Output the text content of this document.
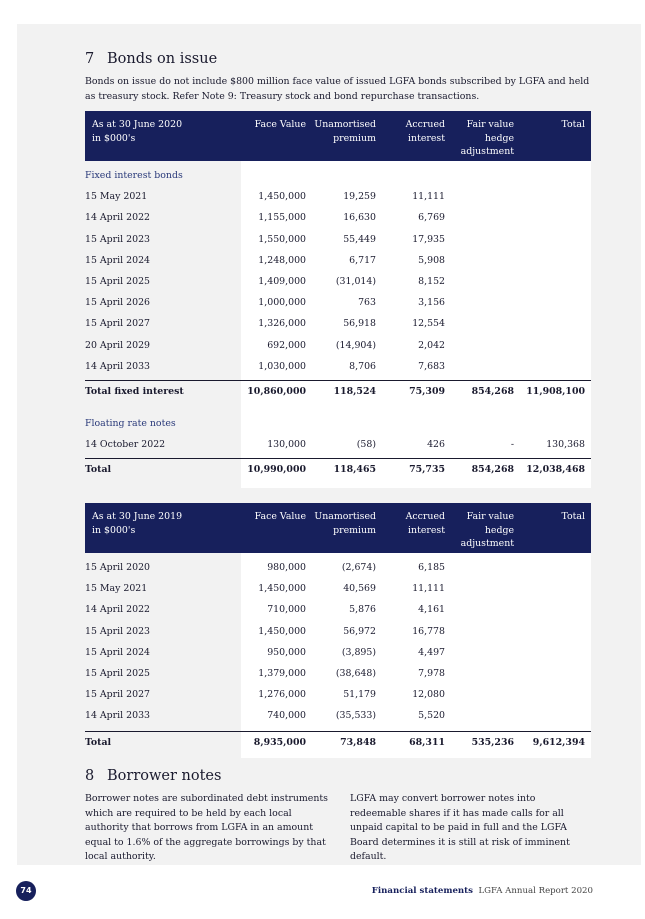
7 Bonds on issue
Bonds on issue do not include $800 million face value of issued LGFA bonds subscribed by LGFA and held as treasury stock. Refer Note 9: Treasury stock and bond repurchase transactions.
As at 30 June 2020
in $000's
Face Value Unamortised
premium
Accrued
interest
Fair value
hedge
adjustment
Total
Fixed interest bonds
15 May 2021	1,450,000	19,259	11,111
14 April 2022	1,155,000	16,630	6,769
15 April 2023	1,550,000	55,449	17,935
15 April 2024	1,248,000	6,717	5,908
15 April 2025	1,409,000	(31,014)	8,152
15 April 2026	1,000,000	763	3,156
15 April 2027	1,326,000	56,918	12,554
20 April 2029	692,000	(14,904)	2,042
14 April 2033	1,030,000	8,706	7,683
Total fixed interest	10,860,000	118,524	75,309	854,268 11,908,100
Floating rate notes
14 October 2022	130,000	(58)	426	-	130,368
Total	10,990,000	118,465	75,735	854,268 12,038,468
As at 30 June 2019
in $000's
Face Value Unamortised
premium
Accrued
interest
Fair value
hedge
adjustment
Total
15 April 2020	980,000	(2,674)	6,185
15 May 2021	1,450,000	40,569	11,111
14 April 2022	710,000	5,876	4,161
15 April 2023	1,450,000	56,972	16,778
15 April 2024	950,000	(3,895)	4,497
15 April 2025	1,379,000	(38,648)	7,978
15 April 2027	1,276,000	51,179	12,080
14 April 2033	740,000	(35,533)	5,520
Total	8,935,000	73,848	68,311	535,236 9,612,394
8 Borrower notes
Borrower notes are subordinated debt instruments which are required to be held by each local authority that borrows from LGFA in an amount equal to 1.6% of the aggregate borrowings by that local authority.
LGFA may convert borrower notes into redeemable shares if it has made calls for all unpaid capital to be paid in full and the LGFA Board determines it is still at risk of imminent default.
74	Financial statements LGFA Annual Report 2020
